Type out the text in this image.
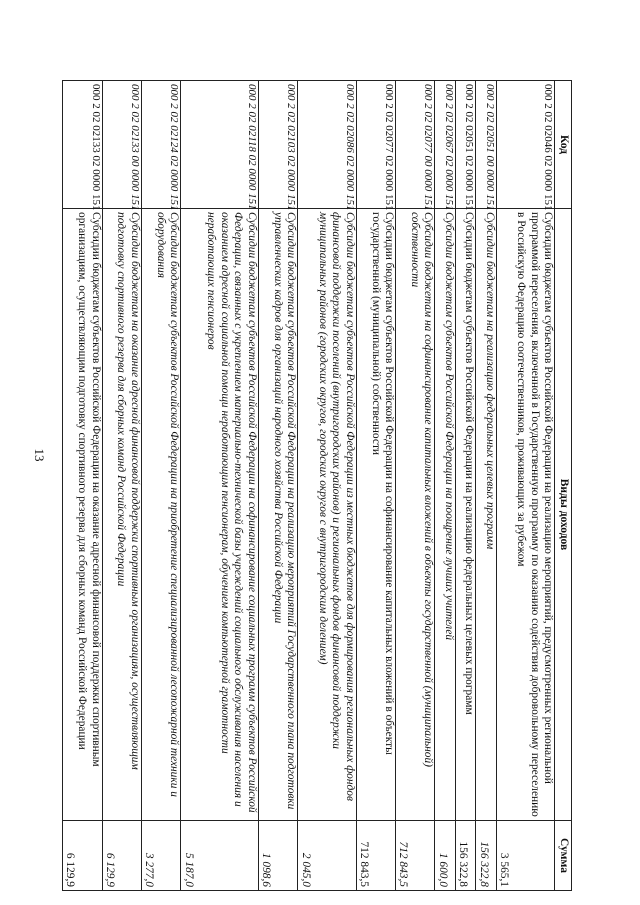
13
Код	Виды доходов	Сумма
000 2 02 02046 02 0000 151	Субсидии бюджетам субъектов Российской Федерации на реализацию мероприятий, предусмотренных региональной программой переселения, включенной в Государственную программу по оказанию содействия добровольному переселению в Российскую Федерацию соотечественников, проживающих за рубежом	3 565,1
000 2 02 02051 00 0000 151	Субсидии бюджетам на реализацию федеральных целевых программ	156 322,8
000 2 02 02051 02 0000 151	Субсидии бюджетам субъектов Российской Федерации на реализацию федеральных целевых программ	156 322,8
000 2 02 02067 02 0000 151	Субсидии бюджетам субъектов Российской Федерации на поощрение лучших учителей	1 600,0
000 2 02 02077 00 0000 151	Субсидии бюджетам на софинансирование капитальных вложений в объекты государственной (муниципальной) собственности	712 843,5
000 2 02 02077 02 0000 151	Субсидии бюджетам субъектов Российской Федерации на софинансирование капитальных вложений в объекты государственной (муниципальной) собственности	712 843,5
000 2 02 02086 02 0000 151	Субсидии бюджетам субъектов Российской Федерации из местных бюджетов для формирования региональных фондов финансовой поддержки поселений (внутригородских районов) и региональных фондов финансовой поддержки муниципальных районов (городских округов, городских округов с внутригородским делением)	2 045,0
000 2 02 02103 02 0000 151	Субсидии бюджетам субъектов Российской Федерации на реализацию мероприятий Государственного плана подготовки управленческих кадров для организаций народного хозяйства Российской Федерации	1 098,6
000 2 02 02118 02 0000 151	Субсидии бюджетам субъектов Российской Федерации на софинансирование социальных программ субъектов Российской Федерации, связанных с укреплением материально-технической базы учреждений социального обслуживания населения и оказанием адресной социальной помощи неработающим пенсионерам, обучением компьютерной грамотности неработающих пенсионеров	5 187,0
000 2 02 02124 02 0000 151	Субсидии бюджетам субъектов Российской Федерации на приобретение специализированной лесопожарной техники и оборудования	3 277,0
000 2 02 02133 00 0000 151	Субсидии бюджетам на оказание адресной финансовой поддержки спортивным организациям, осуществляющим подготовку спортивного резерва для сборных команд Российской Федерации	6 129,9
000 2 02 02133 02 0000 151	Субсидии бюджетам субъектов Российской Федерации на оказание адресной финансовой поддержки спортивным организациям, осуществляющим подготовку спортивного резерва для сборных команд Российской Федерации	6 129,9
